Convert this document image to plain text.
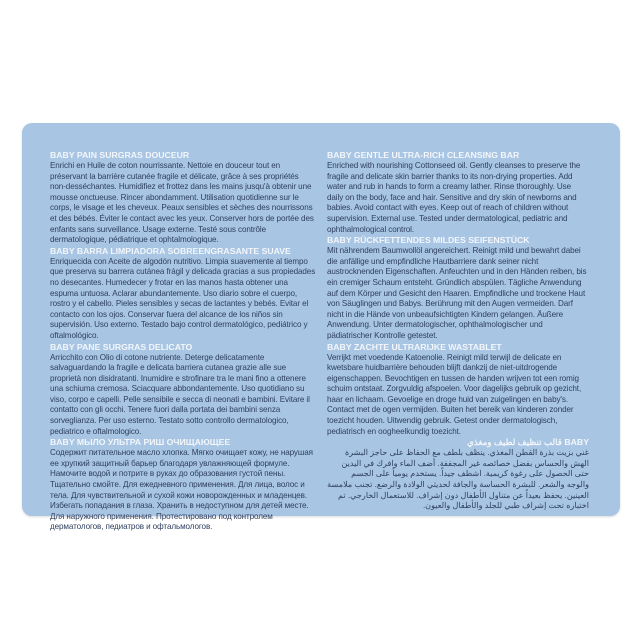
BABY PAIN SURGRAS DOUCEUR
Enrichi en Huile de coton nourrissante. Nettoie en douceur tout en préservant la barrière cutanée fragile et délicate, grâce à ses propriétés non-desséchantes. Humidifiez et frottez dans les mains jusqu'à obtenir une mousse onctueuse. Rincer abondamment. Utilisation quotidienne sur le corps, le visage et les cheveux. Peaux sensibles et sèches des nourrissons et des bébés. Éviter le contact avec les yeux. Conserver hors de portée des enfants sans surveillance. Usage externe. Testé sous contrôle dermatologique, pédiatrique et ophtalmologique.
BABY BARRA LIMPIADORA SOBREENGRASANTE SUAVE
Enriquecida con Aceite de algodón nutritivo. Limpia suavemente al tiempo que preserva su barrera cutánea frágil y delicada gracias a sus propiedades no desecantes. Humedecer y frotar en las manos hasta obtener una espuma untuosa. Aclarar abundantemente. Uso diario sobre el cuerpo, rostro y el cabello. Pieles sensibles y secas de lactantes y bebés. Evitar el contacto con los ojos. Conservar fuera del alcance de los niños sin supervisión. Uso externo. Testado bajo control dermatológico, pediátrico y oftalmológico.
BABY PANE SURGRAS DELICATO
Arricchito con Olio di cotone nutriente. Deterge delicatamente salvaguardando la fragile e delicata barriera cutanea grazie alle sue proprietà non disidratanti. Inumidire e strofinare tra le mani fino a ottenere una schiuma cremosa. Sciacquare abbondantemente. Uso quotidiano su viso, corpo e capelli. Pelle sensibile e secca di neonati e bambini. Evitare il contatto con gli occhi. Tenere fuori dalla portata dei bambini senza sorveglianza. Per uso esterno. Testato sotto controllo dermatologico, pediatrico e oftalmologico.
BABY МЫЛО УЛЬТРА РИШ ОЧИЩАЮЩЕЕ
Содержит питательное масло хлопка. Мягко очищает кожу, не нарушая ее хрупкий защитный барьер благодаря увлажняющей формуле. Намочите водой и потрите в руках до образования густой пены. Тщательно смойте. Для ежедневного применения. Для лица, волос и тела. Для чувствительной и сухой кожи новорожденных и младенцев. Избегать попадания в глаза. Хранить в недоступном для детей месте. Для наружного применения. Протестировано под контролем дерматологов, педиатров и офтальмологов.
BABY GENTLE ULTRA-RICH CLEANSING BAR
Enriched with nourishing Cottonseed oil. Gently cleanses to preserve the fragile and delicate skin barrier thanks to its non-drying properties. Add water and rub in hands to form a creamy lather. Rinse thoroughly. Use daily on the body, face and hair. Sensitive and dry skin of newborns and babies. Avoid contact with eyes. Keep out of reach of children without supervision. External use. Tested under dermatological, pediatric and ophthalmological control.
BABY RÜCKFETTENDES MILDES SEIFENSTÜCK
Mit nährendem Baumwollöl angereichert. Reinigt mild und bewahrt dabei die anfällige und empfindliche Hautbarriere dank seiner nicht austrocknenden Eigenschaften. Anfeuchten und in den Händen reiben, bis ein cremiger Schaum entsteht. Gründlich abspülen. Tägliche Anwendung auf dem Körper und Gesicht den Haaren. Empfindliche und trockene Haut von Säuglingen und Babys. Berührung mit den Augen vermeiden. Darf nicht in die Hände von unbeaufsichtigten Kindern gelangen. Äußere Anwendung. Unter dermatologischer, ophthalmologischer und pädiatrischer Kontrolle getestet.
BABY ZACHTE ULTRARIJKE WASTABLET
Verrijkt met voedende Katoenolie. Reinigt mild terwijl de delicate en kwetsbare huidbarrière behouden blijft dankzij de niet-uitdrogende eigenschappen. Bevochtigen en tussen de handen wrijven tot een romig schuim ontstaat. Zorgvuldig afspoelen. Voor dagelijks gebruik op gezicht, haar en lichaam. Gevoelige en droge huid van zuigelingen en baby's. Contact met de ogen vermijden. Buiten het bereik van kinderen zonder toezicht houden. Uitwendig gebruik. Getest onder dermatologisch, pediatrisch en oogheelkundig toezicht.
BABY قالب تنظيف لطيف ومغذي
غني بزيت بذرة القطن المغذي. ينظف بلطف مع الحفاظ على حاجز البشرة الهش والحساس بفضل خصائصه غير المجففة. أضف الماء وافرك في اليدين حتى الحصول على رغوة كريمية. اشطف جيداً. يستخدم يومياً على الجسم والوجه والشعر. للبشرة الحساسة والجافة لحديثي الولادة والرضع. تجنب ملامسة العينين. يحفظ بعيداً عن متناول الأطفال دون إشراف. للاستعمال الخارجي. تم اختباره تحت إشراف طبي للجلد والأطفال والعيون.
